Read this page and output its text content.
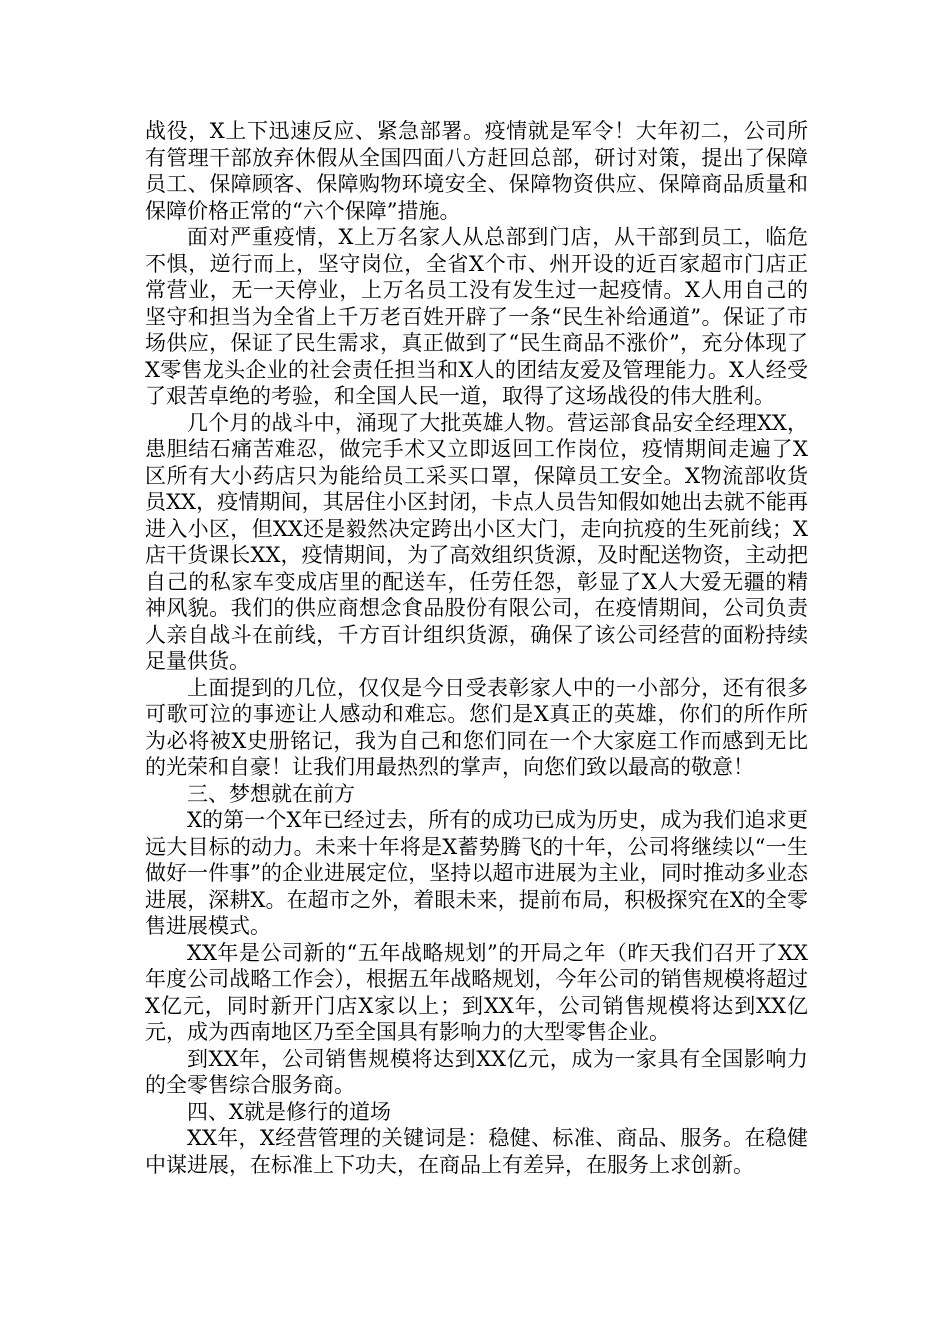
战役，X上下迅速反应、紧急部署。疫情就是军令！大年初二，公司所有管理干部放弃休假从全国四面八方赶回总部，研讨对策，提出了保障员工、保障顾客、保障购物环境安全、保障物资供应、保障商品质量和保障价格正常的“六个保障”措施。

面对严重疫情，X上万名家人从总部到门店，从干部到员工，临危不惧，逆行而上，坚守岗位，全省X个市、州开设的近百家超市门店正常营业，无一天停业，上万名员工没有发生过一起疫情。X人用自己的坚守和担当为全省上千万老百姓开辟了一条“民生补给通道”。保证了市场供应，保证了民生需求，真正做到了“民生商品不涨价”，充分体现了X零售龙头企业的社会责任担当和X人的团结友爱及管理能力。X人经受了艰苦卓绝的考验，和全国人民一道，取得了这场战役的伟大胜利。

几个月的战斗中，涌现了大批英雄人物。营运部食品安全经理XX，患胆结石痛苦难忍，做完手术又立即返回工作岗位，疫情期间走遍了X区所有大小药店只为能给员工采买口罩，保障员工安全。X物流部收货员XX，疫情期间，其居住小区封闭，卡点人员告知假如她出去就不能再进入小区，但XX还是毅然决定跨出小区大门，走向抗疫的生死前线；X店干货课长XX，疫情期间，为了高效组织货源，及时配送物资，主动把自己的私家车变成店里的配送车，任劳任怨，彰显了X人大爱无疆的精神风貌。我们的供应商想念食品股份有限公司，在疫情期间，公司负责人亲自战斗在前线，千方百计组织货源，确保了该公司经营的面粉持续足量供货。

上面提到的几位，仅仅是今日受表彰家人中的一小部分，还有很多可歌可泣的事迹让人感动和难忘。您们是X真正的英雄，你们的所作所为必将被X史册铭记，我为自己和您们同在一个大家庭工作而感到无比的光荣和自豪！让我们用最热烈的掌声，向您们致以最高的敬意！

三、梦想就在前方

X的第一个X年已经过去，所有的成功已成为历史，成为我们追求更远大目标的动力。未来十年将是X蓄势腾飞的十年，公司将继续以“一生做好一件事”的企业进展定位，坚持以超市进展为主业，同时推动多业态进展，深耕X。在超市之外，着眼未来，提前布局，积极探究在X的全零售进展模式。

XX年是公司新的“五年战略规划”的开局之年（昨天我们召开了XX年度公司战略工作会），根据五年战略规划，今年公司的销售规模将超过X亿元，同时新开门店X家以上；到XX年，公司销售规模将达到XX亿元，成为西南地区乃至全国具有影响力的大型零售企业。

到XX年，公司销售规模将达到XX亿元，成为一家具有全国影响力的全零售综合服务商。

四、X就是修行的道场

XX年，X经营管理的关键词是：稳健、标准、商品、服务。在稳健中谋进展，在标准上下功夫，在商品上有差异，在服务上求创新。
